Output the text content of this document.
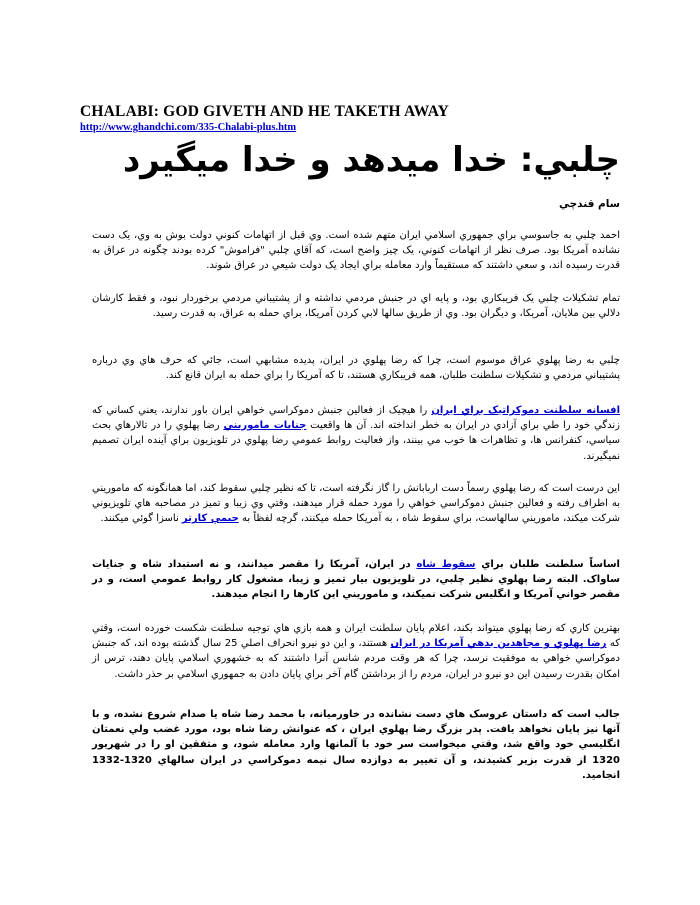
CHALABI: GOD GIVETH AND HE TAKETH AWAY
http://www.ghandchi.com/335-Chalabi-plus.htm
چلبي: خدا ميدهد و خدا ميگيرد
سام قندچي
احمد چلبي به جاسوسي براي جمهوري اسلامي ايران متهم شده است. وي قبل از اتهامات كنوني دولت بوش به وي، يک دست نشانده آمريكا بود. صرف نظر از اتهامات كنوني، يک چيز واضح است، که آقاي چلبي "فراموش" کرده بودند چگونه در عراق به قدرت رسيده اند، و سعي داشتند که مستقيماً وارد معامله براي ايجاد يک دولت شيعي در عراق شوند.
تمام تشکيلات چلبي يک فريبکاري بود، و پايه اي در جنبش مردمي نداشته و از پشتيباني مردمي برخوردار نبود، و فقط کارشان دلالي بين ملايان، آمريکا، و ديگران بود. وي از طريق سالها لابي کردن آمريکا، براي حمله به عراق، به قدرت رسيد.
چلبي به رضا پهلوي عراق موسوم است، چرا که رضا پهلوي در ايران، پديده مشابهي است، جائي که حرف هاي وي درباره پشتيباني مردمي و تشکيلات سلطنت طلبان، همه فريبکاري هستند، تا که آمريکا را براي حمله به ايران قانع کند.
افسانه سلطنت دموکراتيک براي ايران را هيچيک از فعالين جنبش دموکراسي خواهي ايران باور ندارند، يعني کساني که زندگي خود را طي براي آزادي در ايران به خطر انداخته اند. آن ها واقعيت جنايات ماموريني رضا پهلوي را در تالارهاي بحث سياسي، کنفرانس ها، و تظاهرات ها خوب مي بينند، واز فعاليت روابط عمومي رضا پهلوي در تلويزيون براي آينده ايران تصميم نميگيرند.
اين درست است که رضا پهلوي رسماً دست اربابانش را گاز نگرفته است، تا که نظير چلبي سقوط کند، اما همانگونه که ماموريني به اطراف رفته و فعالين جنبش دموکراسي خواهي را مورد حمله قرار ميدهند، وقتي وي زيبا و تميز در مصاحبه هاي تلويزيوني شرکت ميکند، ماموريني سالهاست، براي سقوط شاه ، به آمريکا حمله ميکنند، گرچه لفظاً به جيمي کارتر ناسزا گوئي ميکنند.
اساساً سلطنت طلبان براي سقوط شاه در ايران، آمريکا را مقصر ميدانند، و نه استبداد شاه و جنايات ساواک. البته رضا پهلوي نظير چلبي، در تلويزيون بيار تميز و زيبا، مشغول کار روابط عمومي است، و در مقصر خواني آمريکا و انگليس شرکت نميکند، و ماموريني اين کارها را انجام ميدهند.
بهترين کاري که رضا پهلوي ميتواند بکند، اعلام پايان سلطنت ايران و همه بازي هاي توجيه سلطنت شکست خورده است، وقتي که رضا پهلوي و مجاهدين بدهي آمريکا در ايران هستند، و اين دو نيرو انحراف اصلي 25 سال گذشته بوده اند، که جنبش دموکراسي خواهي به موفقيت نرسد، چرا که هر وقت مردم شانس آنرا داشتند که به خشهوري اسلامي پايان دهند، ترس از امکان بقدرت رسيدن اين دو نيرو در ايران، مردم را از برداشتن گام آخر براي پايان دادن به جمهوري اسلامي بر حذر داشت.
جالب است که داستان عروسک هاي دست نشانده در خاورميانه، با محمد رضا شاه يا صدام شروع نشده، و با آنها نيز پايان نخواهد يافت. پدر بزرگ رضا پهلوي ايران ، که عنوانش رضا شاه بود، مورد غضب ولي نعمتان انگليسي خود واقع شد، وقتي ميخواست سر خود با آلمانها وارد معامله شود، و متفقين او را در شهريور 1320 از قدرت بزير کشيدند، و آن تغيير به دوازده سال نيمه دموکراسي در ايران سالهاي 1320-1332 انجاميد.
